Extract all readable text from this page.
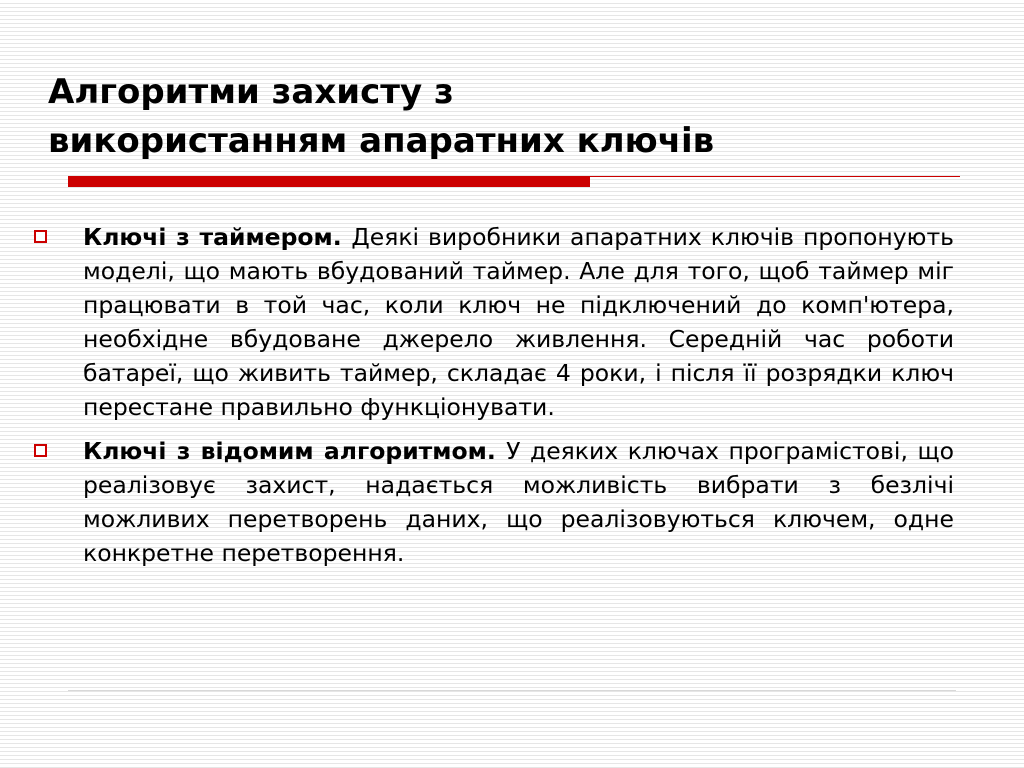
Алгоритми захисту з
використанням апаратних ключів
Ключі з таймером. Деякі виробники апаратних ключів пропонують моделі, що мають вбудований таймер. Але для того, щоб таймер міг працювати в той час, коли ключ не підключений до комп'ютера, необхідне вбудоване джерело живлення. Середній час роботи батареї, що живить таймер, складає 4 роки, і після її розрядки ключ перестане правильно функціонувати.
Ключі з відомим алгоритмом. У деяких ключах програмістові, що реалізовує захист, надається можливість вибрати з безлічі можливих перетворень даних, що реалізовуються ключем, одне конкретне перетворення.
